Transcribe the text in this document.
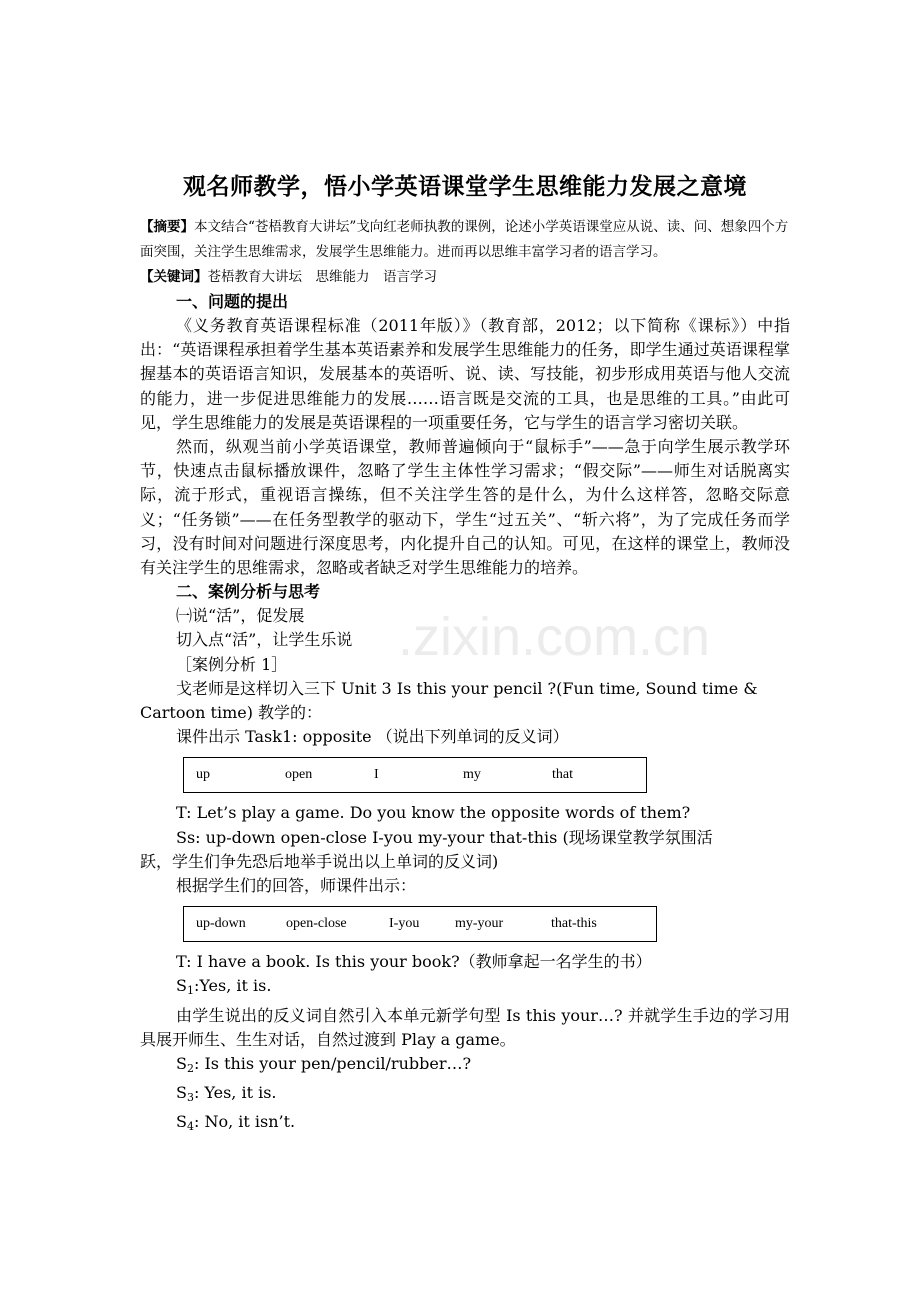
.zixin.com.cn
观名师教学，悟小学英语课堂学生思维能力发展之意境

【摘要】本文结合“苍梧教育大讲坛”戈向红老师执教的课例，论述小学英语课堂应从说、读、问、想象四个方面突围，关注学生思维需求，发展学生思维能力。进而再以思维丰富学习者的语言学习。

【关键词】苍梧教育大讲坛　思维能力　语言学习

一、问题的提出

《义务教育英语课程标准（2011年版）》（教育部，2012；以下简称《课标》）中指出：“英语课程承担着学生基本英语素养和发展学生思维能力的任务，即学生通过英语课程掌握基本的英语语言知识，发展基本的英语听、说、读、写技能，初步形成用英语与他人交流的能力，进一步促进思维能力的发展……语言既是交流的工具，也是思维的工具。”由此可见，学生思维能力的发展是英语课程的一项重要任务，它与学生的语言学习密切关联。

然而，纵观当前小学英语课堂，教师普遍倾向于“鼠标手”——急于向学生展示教学环节，快速点击鼠标播放课件，忽略了学生主体性学习需求；“假交际”——师生对话脱离实际，流于形式，重视语言操练，但不关注学生答的是什么，为什么这样答，忽略交际意义；“任务锁”——在任务型教学的驱动下，学生“过五关”、“斩六将”，为了完成任务而学习，没有时间对问题进行深度思考，内化提升自己的认知。可见，在这样的课堂上，教师没有关注学生的思维需求，忽略或者缺乏对学生思维能力的培养。

二、案例分析与思考

㈠说“活”，促发展

切入点“活”，让学生乐说

［案例分析 1］

戈老师是这样切入三下 Unit 3 Is this your pencil ?(Fun time, Sound time &

Cartoon time) 教学的：

课件出示 Task1: opposite （说出下列单词的反义词）

up	open	I	my	that

T: Let’s play a game. Do you know the opposite words of them?

Ss: up-down open-close I-you my-your that-this (现场课堂教学氛围活

跃，学生们争先恐后地举手说出以上单词的反义词)

根据学生们的回答，师课件出示：

up-down	open-close	I-you	my-your	that-this

T: I have a book. Is this your book?（教师拿起一名学生的书）

$S_1:Yes$, it is.

由学生说出的反义词自然引入本单元新学句型 Is this your…? 并就学生手边的学习用具展开师生、生生对话，自然过渡到 Play a game。

$S_2$: Is this your pen/pencil/rubber…?

$S_3$: Yes, it is.

$S_4$: No, it isn’t.
